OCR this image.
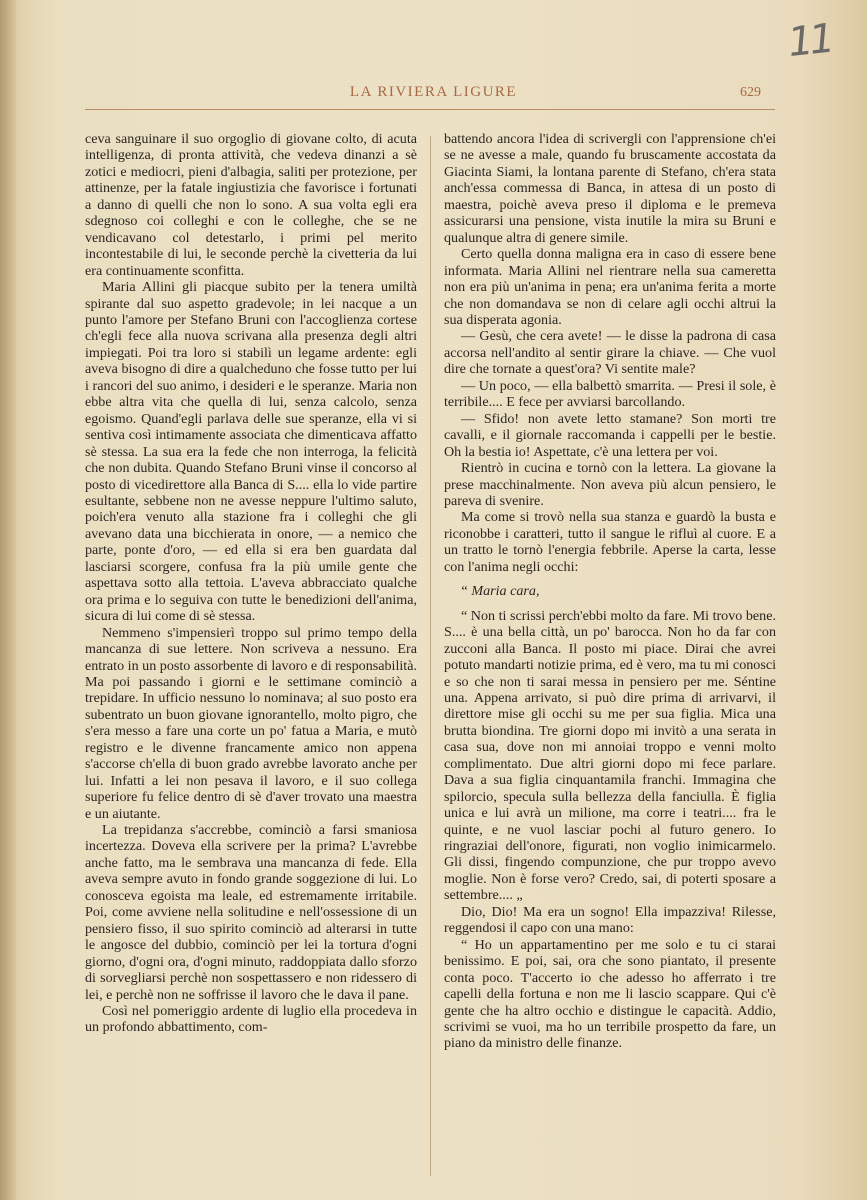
11
LA RIVIERA LIGURE	629

ceva sanguinare il suo orgoglio di giovane colto, di acuta intelligenza, di pronta attività, che vedeva dinanzi a sè zotici e mediocri, pieni d'albagia, saliti per protezione, per attinenze, per la fatale ingiustizia che favorisce i fortunati a danno di quelli che non lo sono. A sua volta egli era sdegnoso coi colleghi e con le colleghe, che se ne vendicavano col detestarlo, i primi pel merito incontestabile di lui, le seconde perchè la civetteria da lui era continuamente sconfitta.

Maria Allini gli piacque subito per la tenera umiltà spirante dal suo aspetto gradevole; in lei nacque a un punto l'amore per Stefano Bruni con l'accoglienza cortese ch'egli fece alla nuova scrivana alla presenza degli altri impiegati. Poi tra loro si stabilì un legame ardente: egli aveva bisogno di dire a qualcheduno che fosse tutto per lui i rancori del suo animo, i desideri e le speranze. Maria non ebbe altra vita che quella di lui, senza calcolo, senza egoismo. Quand'egli parlava delle sue speranze, ella vi si sentiva così intimamente associata che dimenticava affatto sè stessa. La sua era la fede che non interroga, la felicità che non dubita. Quando Stefano Bruni vinse il concorso al posto di vicedirettore alla Banca di S.... ella lo vide partire esultante, sebbene non ne avesse neppure l'ultimo saluto, poich'era venuto alla stazione fra i colleghi che gli avevano data una bicchierata in onore, — a nemico che parte, ponte d'oro, — ed ella si era ben guardata dal lasciarsi scorgere, confusa fra la più umile gente che aspettava sotto alla tettoia. L'aveva abbracciato qualche ora prima e lo seguiva con tutte le benedizioni dell'anima, sicura di lui come di sè stessa.

Nemmeno s'impensierì troppo sul primo tempo della mancanza di sue lettere. Non scriveva a nessuno. Era entrato in un posto assorbente di lavoro e di responsabilità. Ma poi passando i giorni e le settimane cominciò a trepidare. In ufficio nessuno lo nominava; al suo posto era subentrato un buon giovane ignorantello, molto pigro, che s'era messo a fare una corte un po' fatua a Maria, e mutò registro e le divenne francamente amico non appena s'accorse ch'ella di buon grado avrebbe lavorato anche per lui. Infatti a lei non pesava il lavoro, e il suo collega superiore fu felice dentro di sè d'aver trovato una maestra e un aiutante.

La trepidanza s'accrebbe, cominciò a farsi smaniosa incertezza. Doveva ella scrivere per la prima? L'avrebbe anche fatto, ma le sembrava una mancanza di fede. Ella aveva sempre avuto in fondo grande soggezione di lui. Lo conosceva egoista ma leale, ed estremamente irritabile. Poi, come avviene nella solitudine e nell'ossessione di un pensiero fisso, il suo spirito cominciò ad alterarsi in tutte le angosce del dubbio, cominciò per lei la tortura d'ogni giorno, d'ogni ora, d'ogni minuto, raddoppiata dallo sforzo di sorvegliarsi perchè non sospettassero e non ridessero di lei, e perchè non ne soffrisse il lavoro che le dava il pane.

Così nel pomeriggio ardente di luglio ella procedeva in un profondo abbattimento, com-

battendo ancora l'idea di scrivergli con l'apprensione ch'ei se ne avesse a male, quando fu bruscamente accostata da Giacinta Siami, la lontana parente di Stefano, ch'era stata anch'essa commessa di Banca, in attesa di un posto di maestra, poichè aveva preso il diploma e le premeva assicurarsi una pensione, vista inutile la mira su Bruni e qualunque altra di genere simile.

Certo quella donna maligna era in caso di essere bene informata. Maria Allini nel rientrare nella sua cameretta non era più un'anima in pena; era un'anima ferita a morte che non domandava se non di celare agli occhi altrui la sua disperata agonia.

— Gesù, che cera avete! — le disse la padrona di casa accorsa nell'andito al sentir girare la chiave. — Che vuol dire che tornate a quest'ora? Vi sentite male?

— Un poco, — ella balbettò smarrita. — Presi il sole, è terribile.... E fece per avviarsi barcollando.

— Sfido! non avete letto stamane? Son morti tre cavalli, e il giornale raccomanda i cappelli per le bestie. Oh la bestia io! Aspettate, c'è una lettera per voi.

Rientrò in cucina e tornò con la lettera. La giovane la prese macchinalmente. Non aveva più alcun pensiero, le pareva di svenire.

Ma come si trovò nella sua stanza e guardò la busta e riconobbe i caratteri, tutto il sangue le rifluì al cuore. E a un tratto le tornò l'energia febbrile. Aperse la carta, lesse con l'anima negli occhi:

“ Maria cara,

“ Non ti scrissi perch'ebbi molto da fare. Mi trovo bene. S.... è una bella città, un po' barocca. Non ho da far con zucconi alla Banca. Il posto mi piace. Dirai che avrei potuto mandarti notizie prima, ed è vero, ma tu mi conosci e so che non ti sarai messa in pensiero per me. Séntine una. Appena arrivato, si può dire prima di arrivarvi, il direttore mise gli occhi su me per sua figlia. Mica una brutta biondina. Tre giorni dopo mi invitò a una serata in casa sua, dove non mi annoiai troppo e venni molto complimentato. Due altri giorni dopo mi fece parlare. Dava a sua figlia cinquantamila franchi. Immagina che spilorcio, specula sulla bellezza della fanciulla. È figlia unica e lui avrà un milione, ma corre i teatri.... fra le quinte, e ne vuol lasciar pochi al futuro genero. Io ringraziai dell'onore, figurati, non voglio inimicarmelo. Gli dissi, fingendo compunzione, che pur troppo avevo moglie. Non è forse vero? Credo, sai, di poterti sposare a settembre.... „

Dio, Dio! Ma era un sogno! Ella impazziva! Rilesse, reggendosi il capo con una mano:

“ Ho un appartamentino per me solo e tu ci starai benissimo. E poi, sai, ora che sono piantato, il presente conta poco. T'accerto io che adesso ho afferrato i tre capelli della fortuna e non me li lascio scappare. Qui c'è gente che ha altro occhio e distingue le capacità. Addio, scrivimi se vuoi, ma ho un terribile prospetto da fare, un piano da ministro delle finanze.
